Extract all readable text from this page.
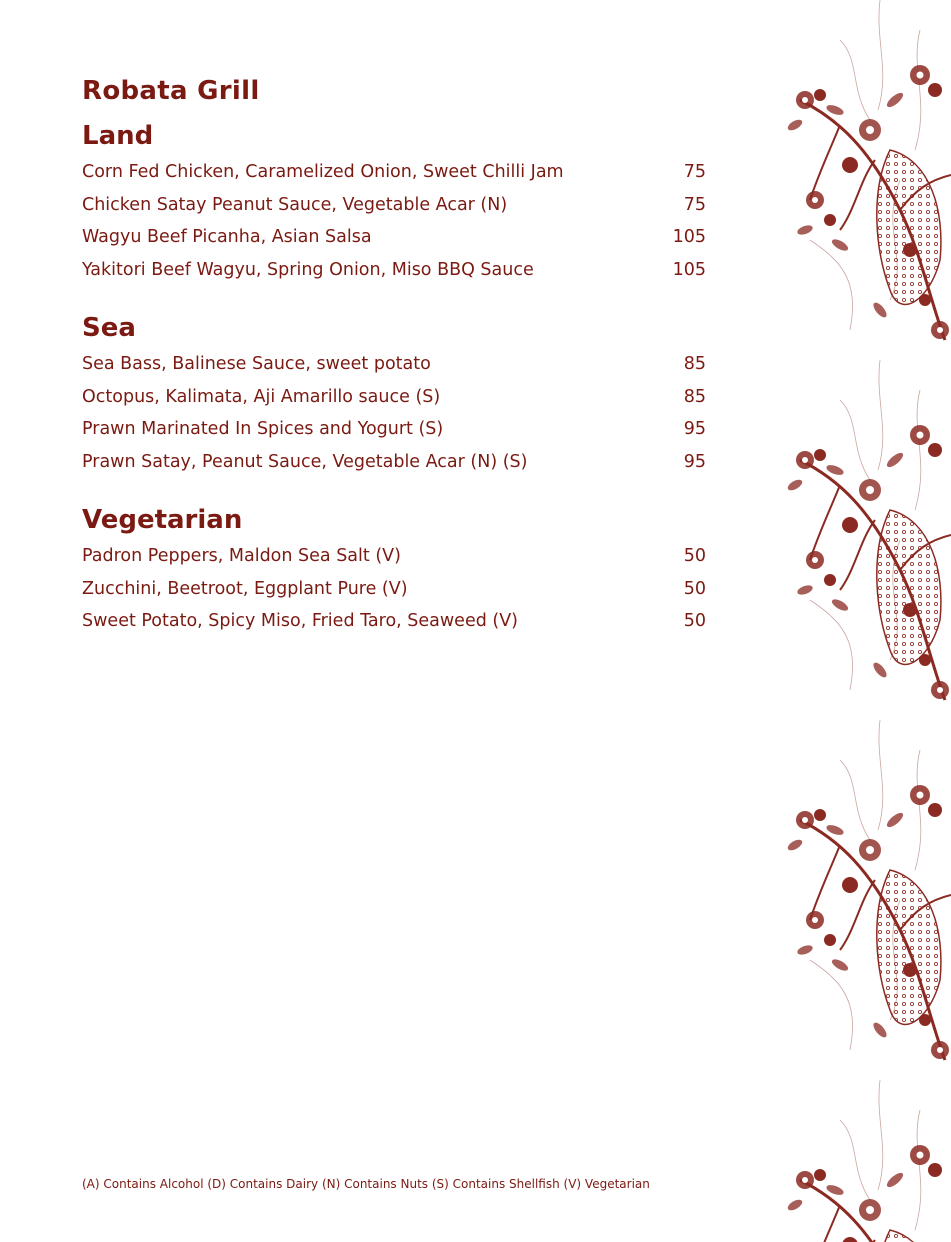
Robata Grill
Land
Corn Fed Chicken, Caramelized Onion, Sweet Chilli Jam	75
Chicken Satay Peanut Sauce, Vegetable Acar (N)	75
Wagyu Beef Picanha, Asian Salsa	105
Yakitori Beef Wagyu, Spring Onion, Miso BBQ Sauce	105
Sea
Sea Bass, Balinese Sauce, sweet potato	85
Octopus, Kalimata, Aji Amarillo sauce (S)	85
Prawn Marinated In Spices and Yogurt (S)	95
Prawn Satay, Peanut Sauce, Vegetable Acar (N) (S)	95
Vegetarian
Padron Peppers, Maldon Sea Salt (V)	50
Zucchini, Beetroot, Eggplant Pure (V)	50
Sweet Potato, Spicy Miso, Fried Taro, Seaweed (V)	50
(A) Contains Alcohol (D) Contains Dairy (N) Contains Nuts (S) Contains Shellfish (V) Vegetarian
